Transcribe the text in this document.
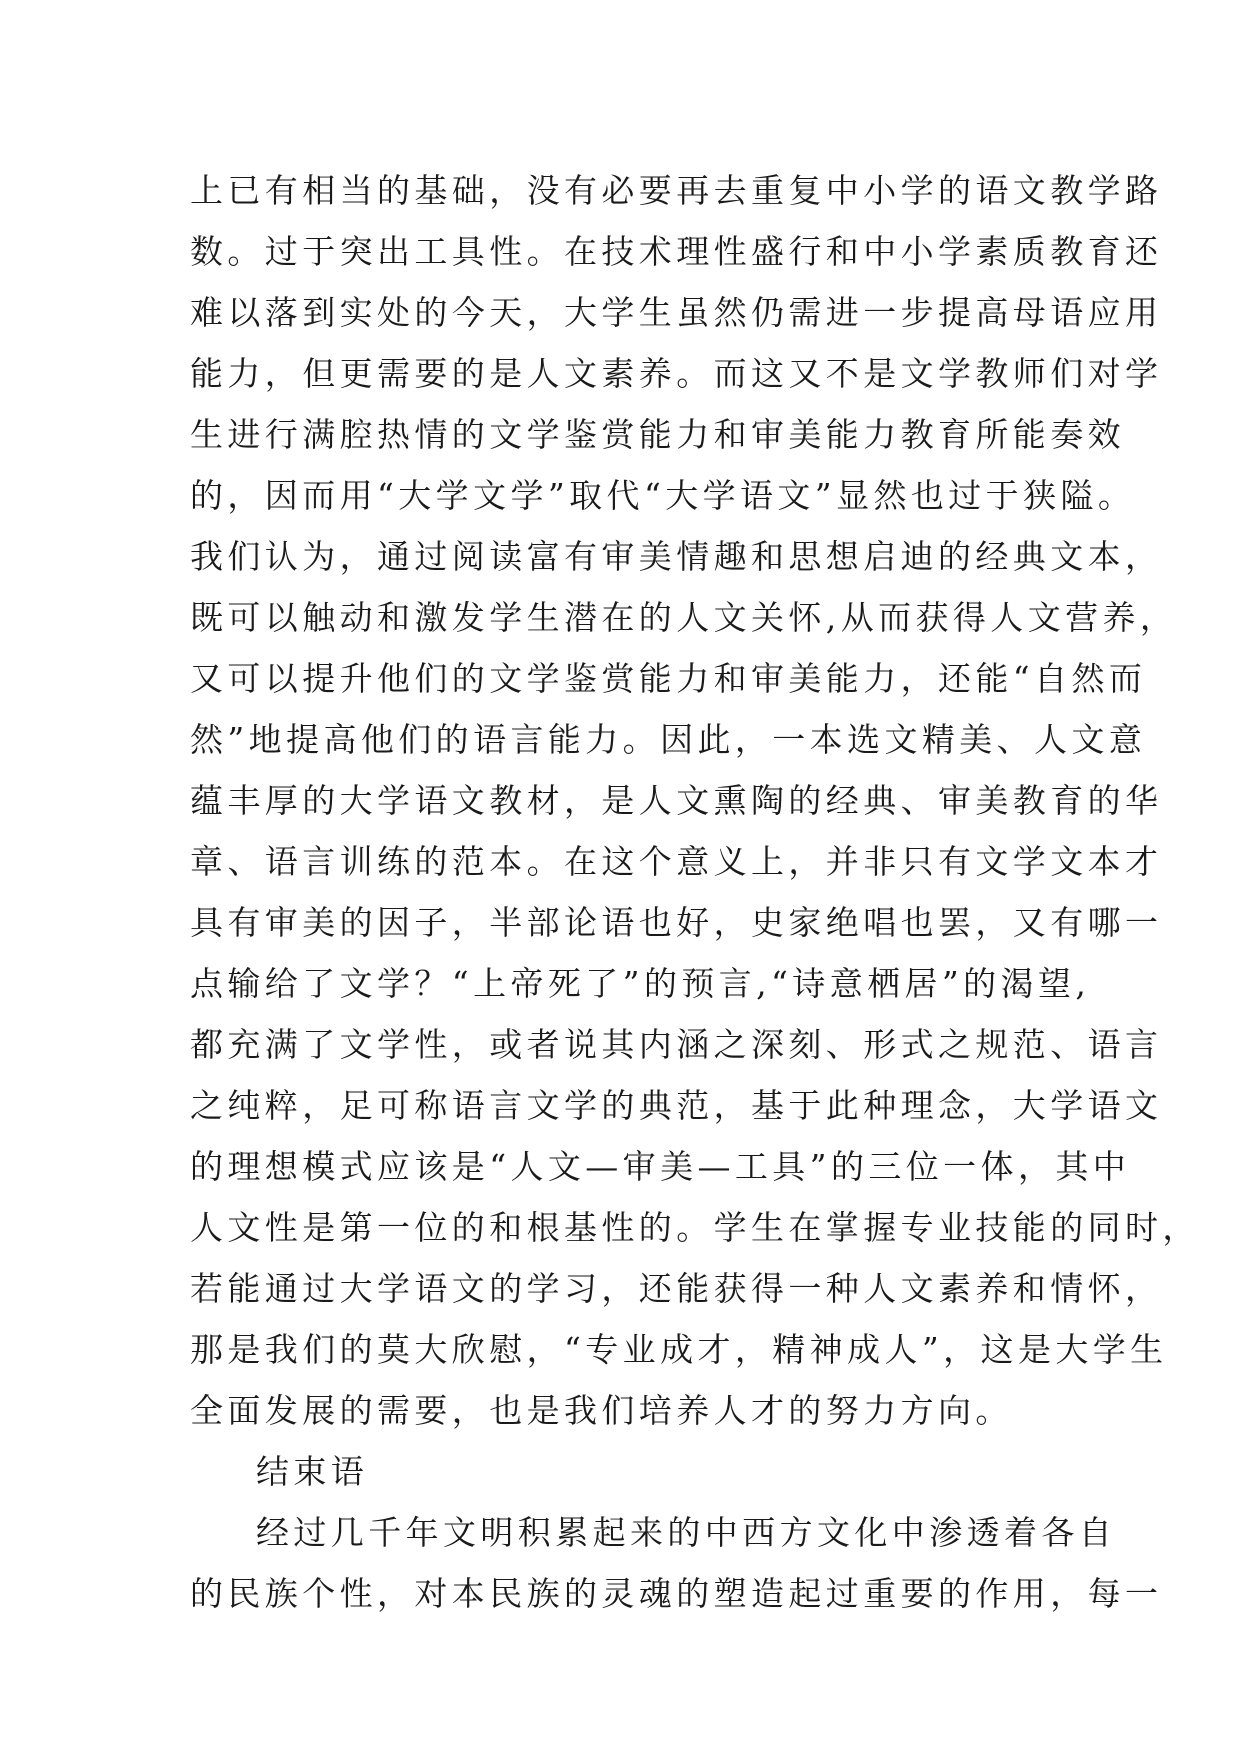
上已有相当的基础，没有必要再去重复中小学的语文教学路
数。过于突出工具性。在技术理性盛行和中小学素质教育还
难以落到实处的今天，大学生虽然仍需进一步提高母语应用
能力，但更需要的是人文素养。而这又不是文学教师们对学
生进行满腔热情的文学鉴赏能力和审美能力教育所能奏效
的，因而用“大学文学”取代“大学语文”显然也过于狭隘。
我们认为，通过阅读富有审美情趣和思想启迪的经典文本，
既可以触动和激发学生潜在的人文关怀,从而获得人文营养，
又可以提升他们的文学鉴赏能力和审美能力，还能“自然而
然”地提高他们的语言能力。因此，一本选文精美、人文意
蕴丰厚的大学语文教材，是人文熏陶的经典、审美教育的华
章、语言训练的范本。在这个意义上，并非只有文学文本才
具有审美的因子，半部论语也好，史家绝唱也罢，又有哪一
点输给了文学？“上帝死了”的预言,“诗意栖居”的渴望,
都充满了文学性，或者说其内涵之深刻、形式之规范、语言
之纯粹，足可称语言文学的典范，基于此种理念，大学语文
的理想模式应该是“人文—审美—工具”的三位一体，其中
人文性是第一位的和根基性的。学生在掌握专业技能的同时，
若能通过大学语文的学习，还能获得一种人文素养和情怀，
那是我们的莫大欣慰，“专业成才，精神成人”，这是大学生
全面发展的需要，也是我们培养人才的努力方向。
结束语
经过几千年文明积累起来的中西方文化中渗透着各自
的民族个性，对本民族的灵魂的塑造起过重要的作用，每一
